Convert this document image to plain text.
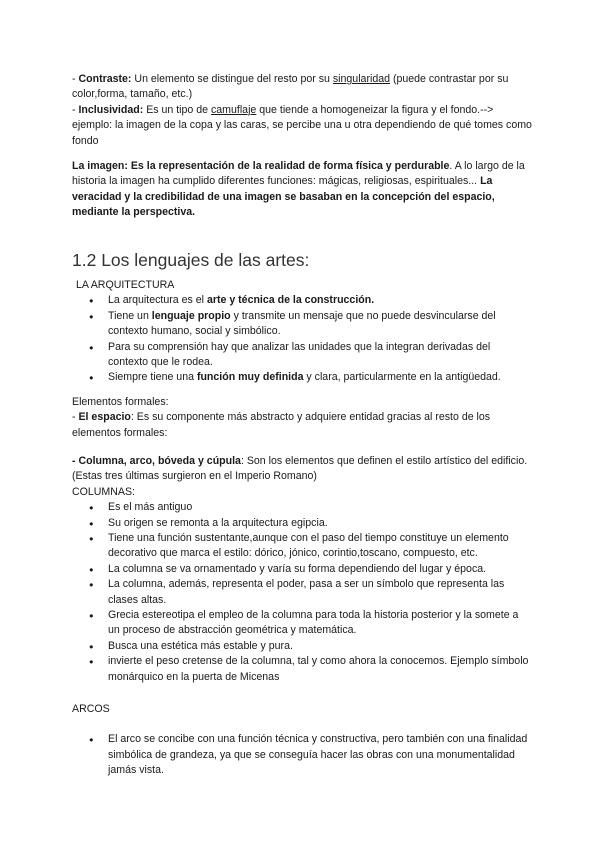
- Contraste: Un elemento se distingue del resto por su singularidad (puede contrastar por su color,forma, tamaño, etc.)

- Inclusividad: Es un tipo de camuflaje que tiende a homogeneizar la figura y el fondo.--> ejemplo: la imagen de la copa y las caras, se percibe una u otra dependiendo de qué tomes como fondo

La imagen: Es la representación de la realidad de forma física y perdurable. A lo largo de la historia la imagen ha cumplido diferentes funciones: mágicas, religiosas, espirituales... La veracidad y la credibilidad de una imagen se basaban en la concepción del espacio, mediante la perspectiva.

1.2 Los lenguajes de las artes:

LA ARQUITECTURA

● La arquitectura es el arte y técnica de la construcción.
● Tiene un lenguaje propio y transmite un mensaje que no puede desvincularse del contexto humano, social y simbólico.
● Para su comprensión hay que analizar las unidades que la integran derivadas del contexto que le rodea.
● Siempre tiene una función muy definida y clara, particularmente en la antigüedad.

Elementos formales:

- El espacio: Es su componente más abstracto y adquiere entidad gracias al resto de los elementos formales:

- Columna, arco, bóveda y cúpula: Son los elementos que definen el estilo artístico del edificio. (Estas tres últimas surgieron en el Imperio Romano)

COLUMNAS:

● Es el más antiguo
● Su origen se remonta a la arquitectura egipcia.
● Tiene una función sustentante,aunque con el paso del tiempo constituye un elemento decorativo que marca el estilo: dórico, jónico, corintio,toscano, compuesto, etc.
● La columna se va ornamentado y varía su forma dependiendo del lugar y época.
● La columna, además, representa el poder, pasa a ser un símbolo que representa las clases altas.
● Grecia estereotipa el empleo de la columna para toda la historia posterior y la somete a un proceso de abstracción geométrica y matemática.
● Busca una estética más estable y pura.
● invierte el peso cretense de la columna, tal y como ahora la conocemos. Ejemplo símbolo monárquico en la puerta de Micenas

ARCOS

● El arco se concibe con una función técnica y constructiva, pero también con una finalidad simbólica de grandeza, ya que se conseguía hacer las obras con una monumentalidad jamás vista.
